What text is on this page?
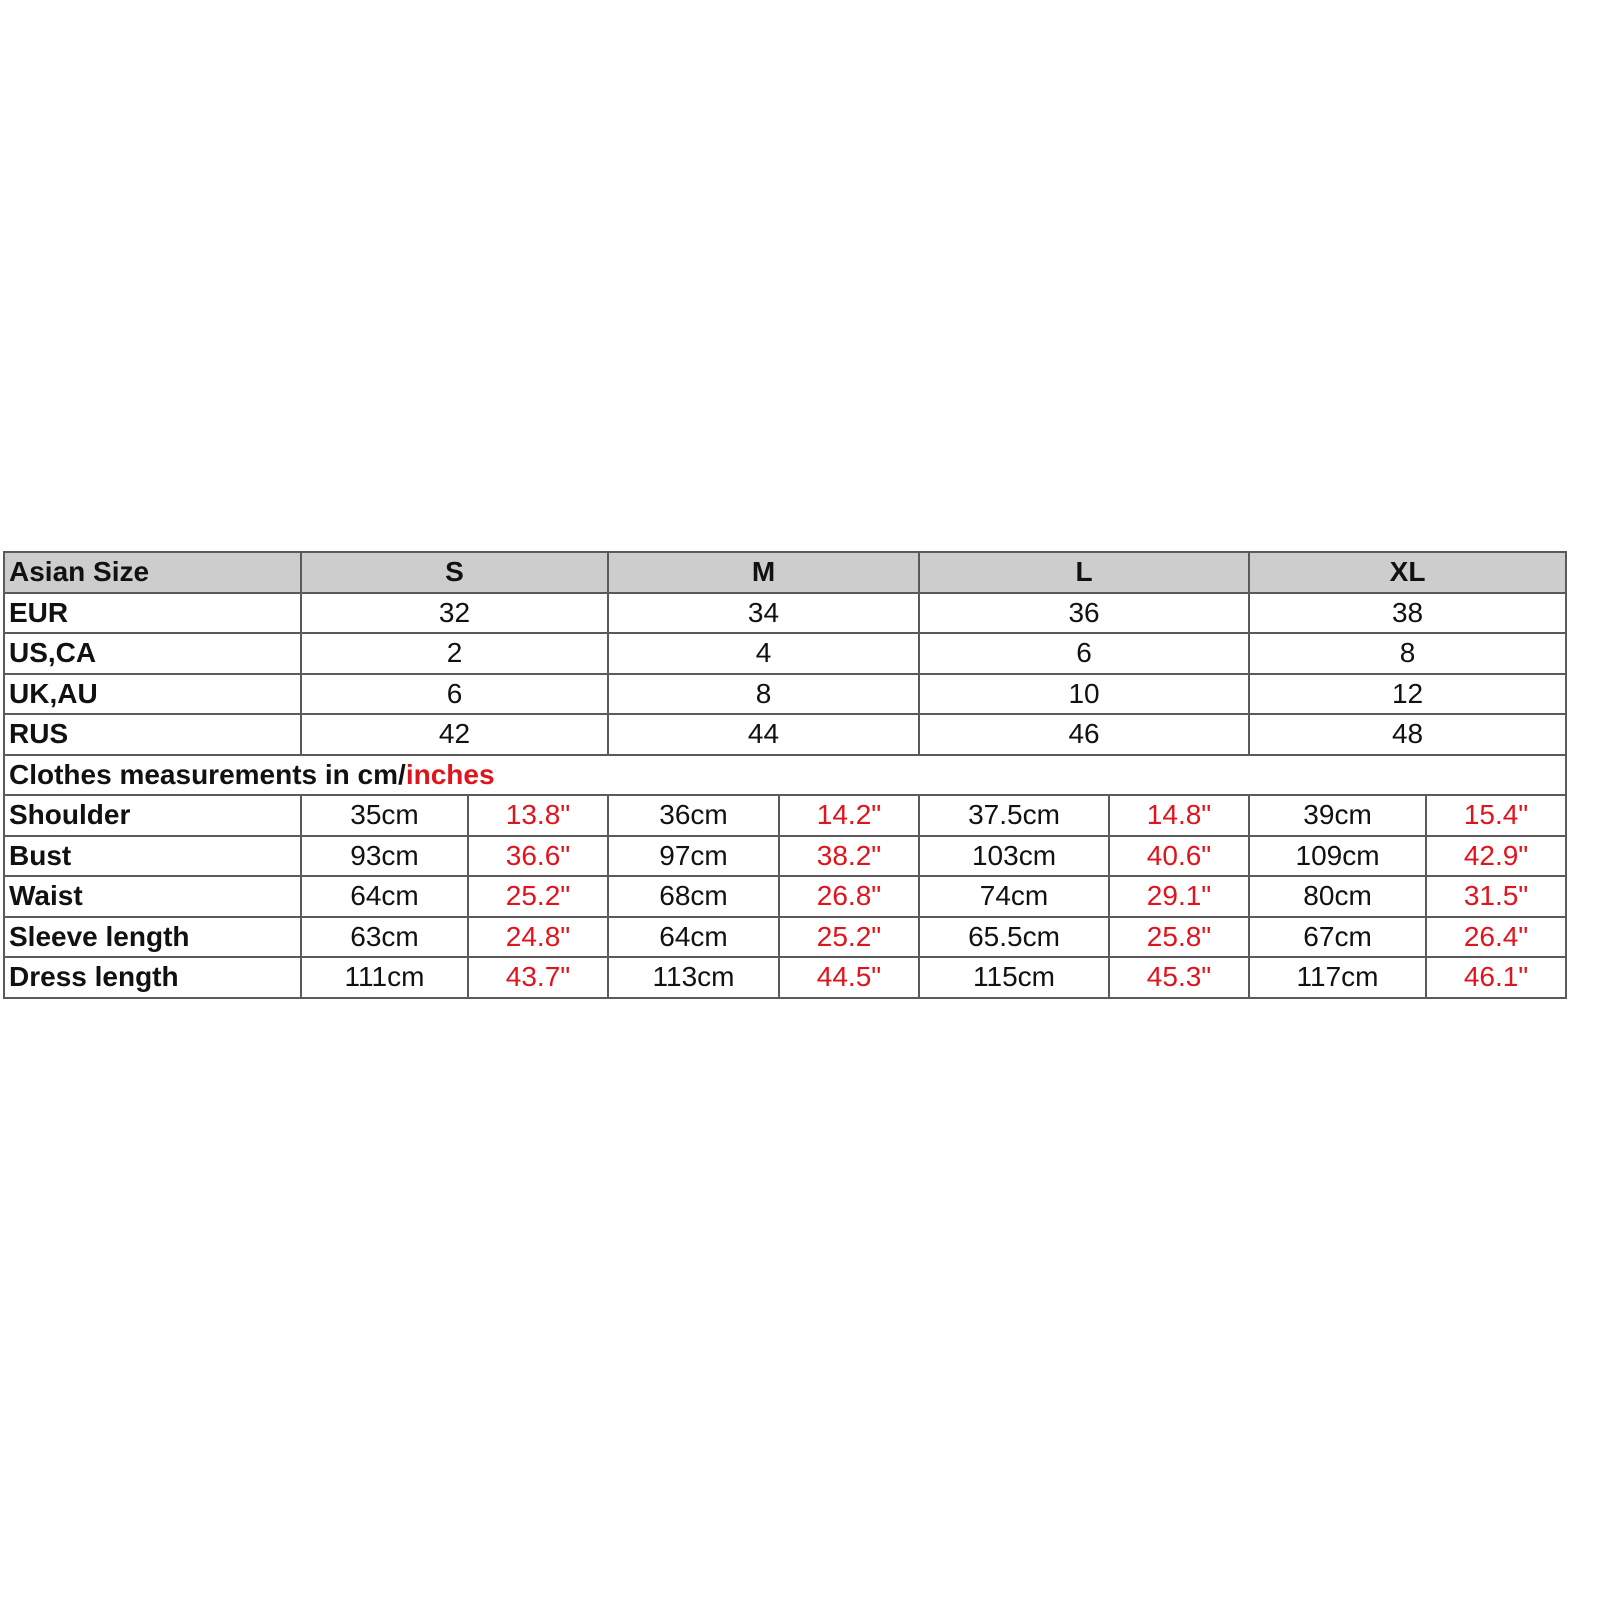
Asian Size	S		M		L		XL	
EUR	32		34		36		38	
US,CA	2		4		6		8	
UK,AU	6		8		10		12	
RUS	42		44		46		48	
Clothes measurements in cm/inches								
Shoulder	35cm	13.8"	36cm	14.2"	37.5cm	14.8"	39cm	15.4"
Bust	93cm	36.6"	97cm	38.2"	103cm	40.6"	109cm	42.9"
Waist	64cm	25.2"	68cm	26.8"	74cm	29.1"	80cm	31.5"
Sleeve length	63cm	24.8"	64cm	25.2"	65.5cm	25.8"	67cm	26.4"
Dress length	111cm	43.7"	113cm	44.5"	115cm	45.3"	117cm	46.1"
